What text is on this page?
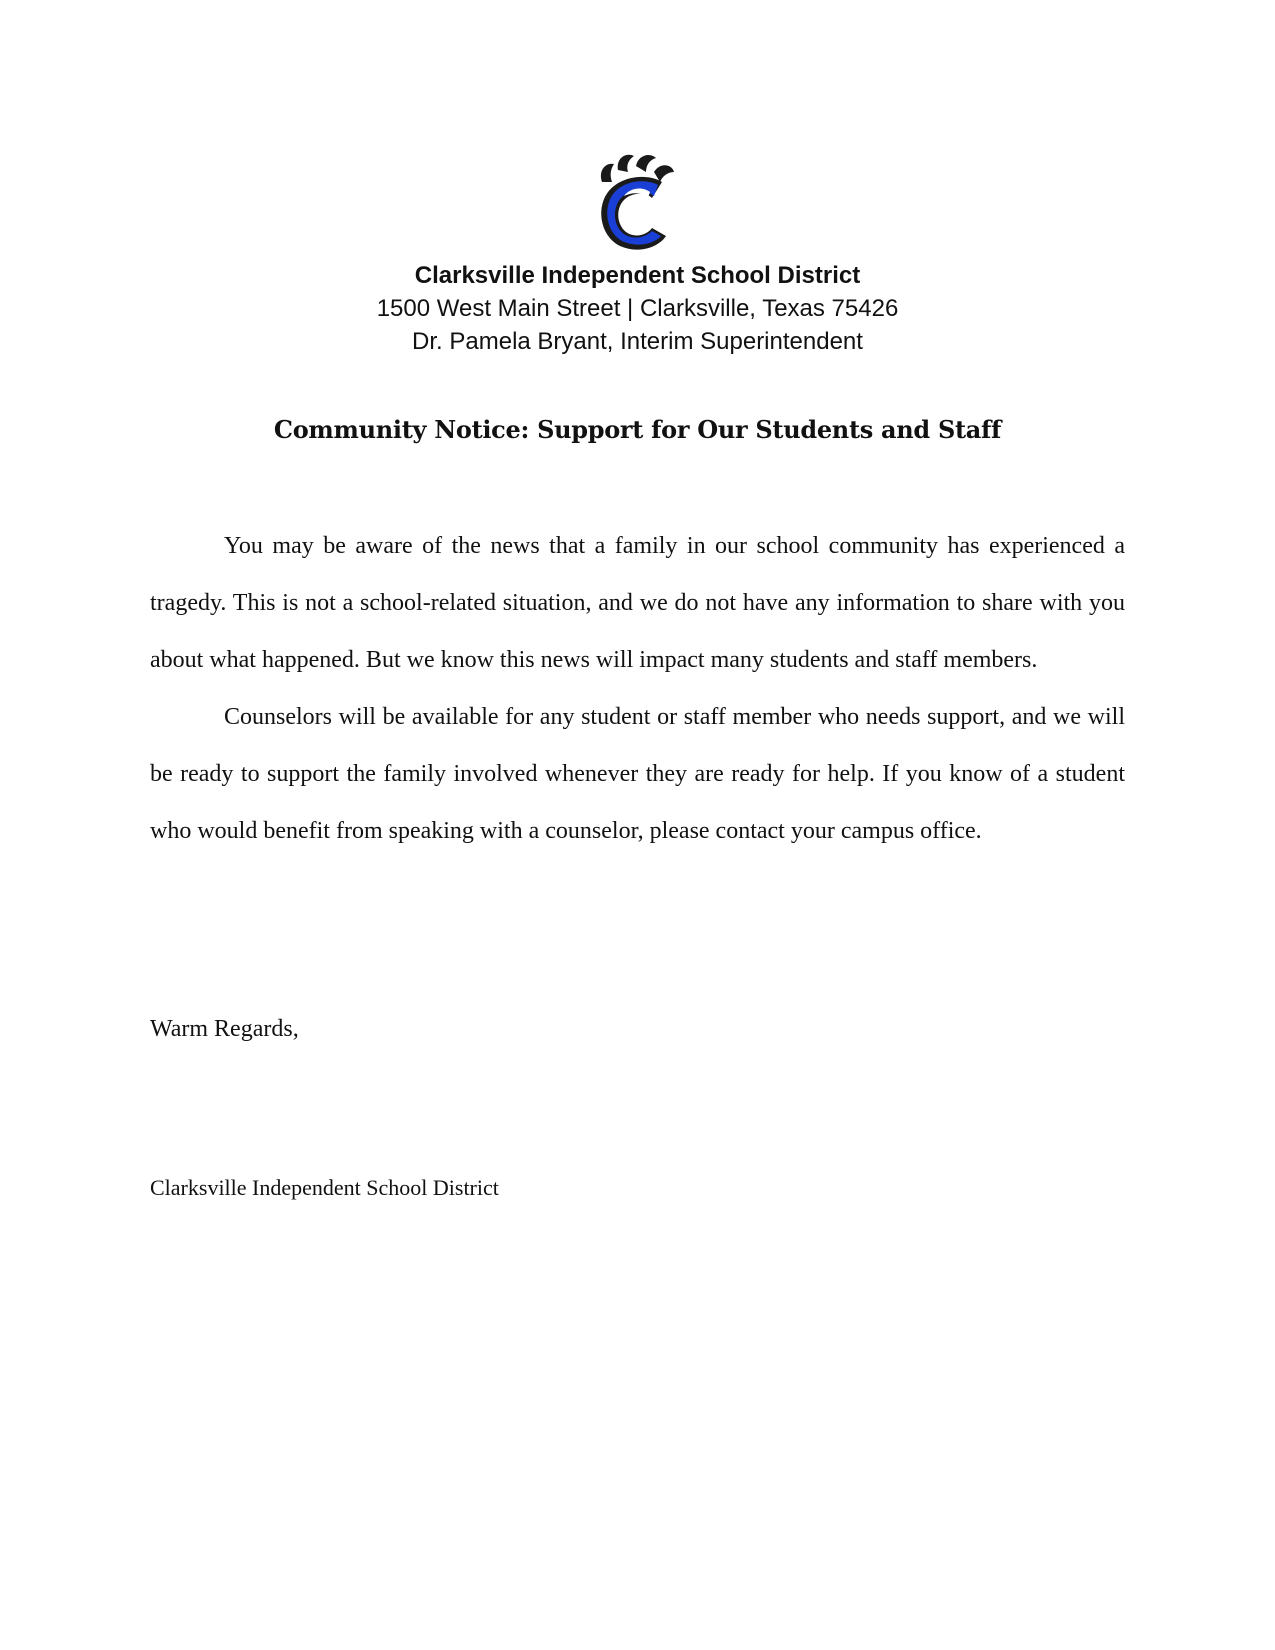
Clarksville Independent School District

1500 West Main Street | Clarksville, Texas 75426

Dr. Pamela Bryant, Interim Superintendent

Community Notice: Support for Our Students and Staff

You may be aware of the news that a family in our school community has experienced a tragedy. This is not a school-related situation, and we do not have any information to share with you about what happened. But we know this news will impact many students and staff members.

Counselors will be available for any student or staff member who needs support, and we will be ready to support the family involved whenever they are ready for help. If you know of a student who would benefit from speaking with a counselor, please contact your campus office.

Warm Regards,

Clarksville Independent School District
